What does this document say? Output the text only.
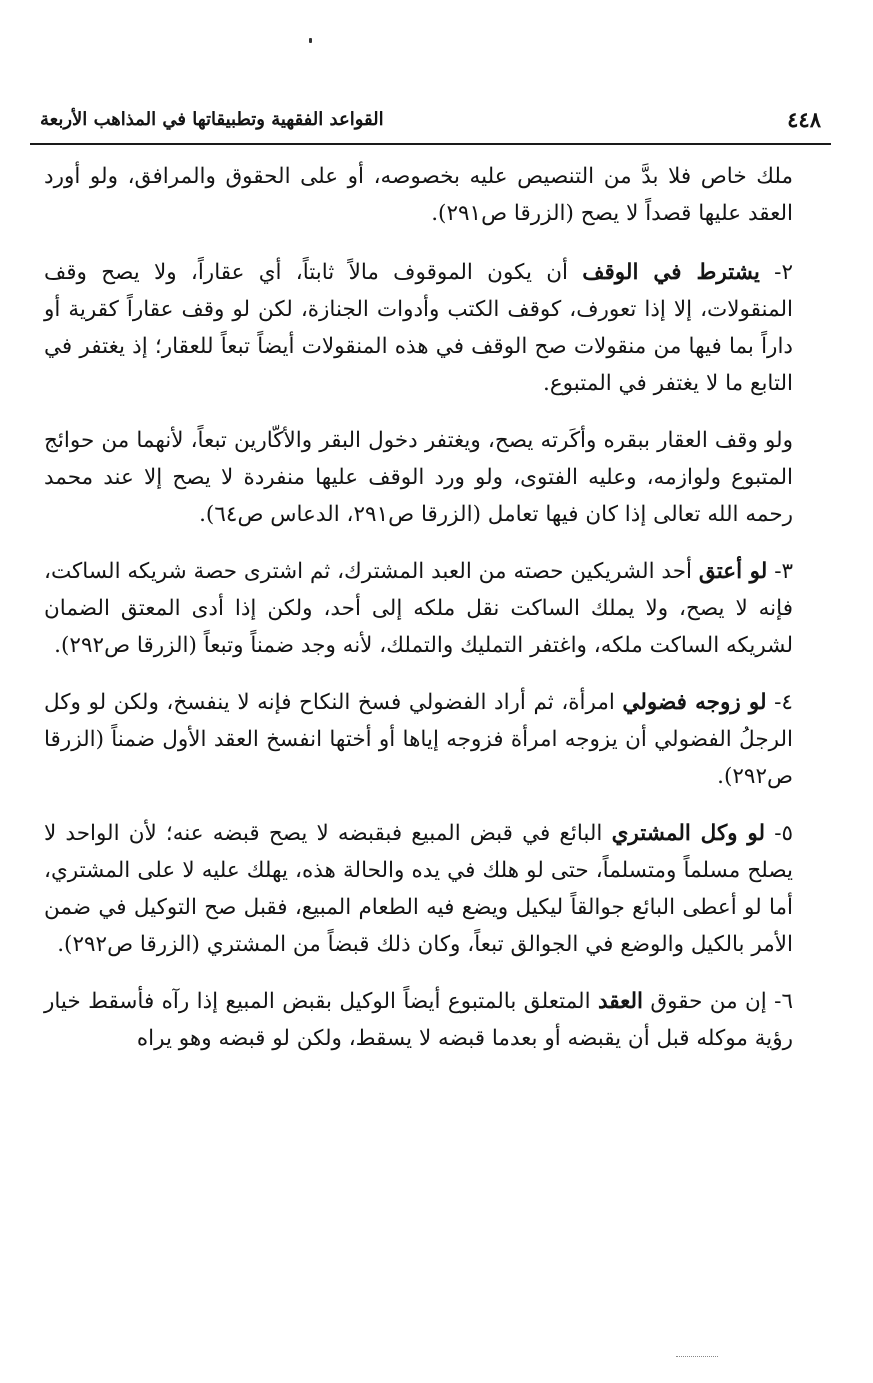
٤٤٨
القواعد الفقهية وتطبيقاتها في المذاهب الأربعة

ملك خاص فلا بدَّ من التنصيص عليه بخصوصه، أو على الحقوق والمرافق، ولو أورد العقد عليها قصداً لا يصح (الزرقا ص٢٩١).

٢- يشترط في الوقف أن يكون الموقوف مالاً ثابتاً، أي عقاراً، ولا يصح وقف المنقولات، إلا إذا تعورف، كوقف الكتب وأدوات الجنازة، لكن لو وقف عقاراً كقرية أو داراً بما فيها من منقولات صح الوقف في هذه المنقولات أيضاً تبعاً للعقار؛ إذ يغتفر في التابع ما لا يغتفر في المتبوع.

ولو وقف العقار ببقره وأكَرته يصح، ويغتفر دخول البقر والأكّارين تبعاً، لأنهما من حوائج المتبوع ولوازمه، وعليه الفتوى، ولو ورد الوقف عليها منفردة لا يصح إلا عند محمد رحمه الله تعالى إذا كان فيها تعامل (الزرقا ص٢٩١، الدعاس ص٦٤).

٣- لو أعتق أحد الشريكين حصته من العبد المشترك، ثم اشترى حصة شريكه الساكت، فإنه لا يصح، ولا يملك الساكت نقل ملكه إلى أحد، ولكن إذا أدى المعتق الضمان لشريكه الساكت ملكه، واغتفر التمليك والتملك، لأنه وجد ضمناً وتبعاً (الزرقا ص٢٩٢).

٤- لو زوجه فضولي امرأة، ثم أراد الفضولي فسخ النكاح فإنه لا ينفسخ، ولكن لو وكل الرجلُ الفضولي أن يزوجه امرأة فزوجه إياها أو أختها انفسخ العقد الأول ضمناً (الزرقا ص٢٩٢).

٥- لو وكل المشتري البائع في قبض المبيع فبقبضه لا يصح قبضه عنه؛ لأن الواحد لا يصلح مسلماً ومتسلماً، حتى لو هلك في يده والحالة هذه، يهلك عليه لا على المشتري، أما لو أعطى البائع جوالقاً ليكيل ويضع فيه الطعام المبيع، فقبل صح التوكيل في ضمن الأمر بالكيل والوضع في الجوالق تبعاً، وكان ذلك قبضاً من المشتري (الزرقا ص٢٩٢).

٦- إن من حقوق العقد المتعلق بالمتبوع أيضاً الوكيل بقبض المبيع إذا رآه فأسقط خيار رؤية موكله قبل أن يقبضه أو بعدما قبضه لا يسقط، ولكن لو قبضه وهو يراه
